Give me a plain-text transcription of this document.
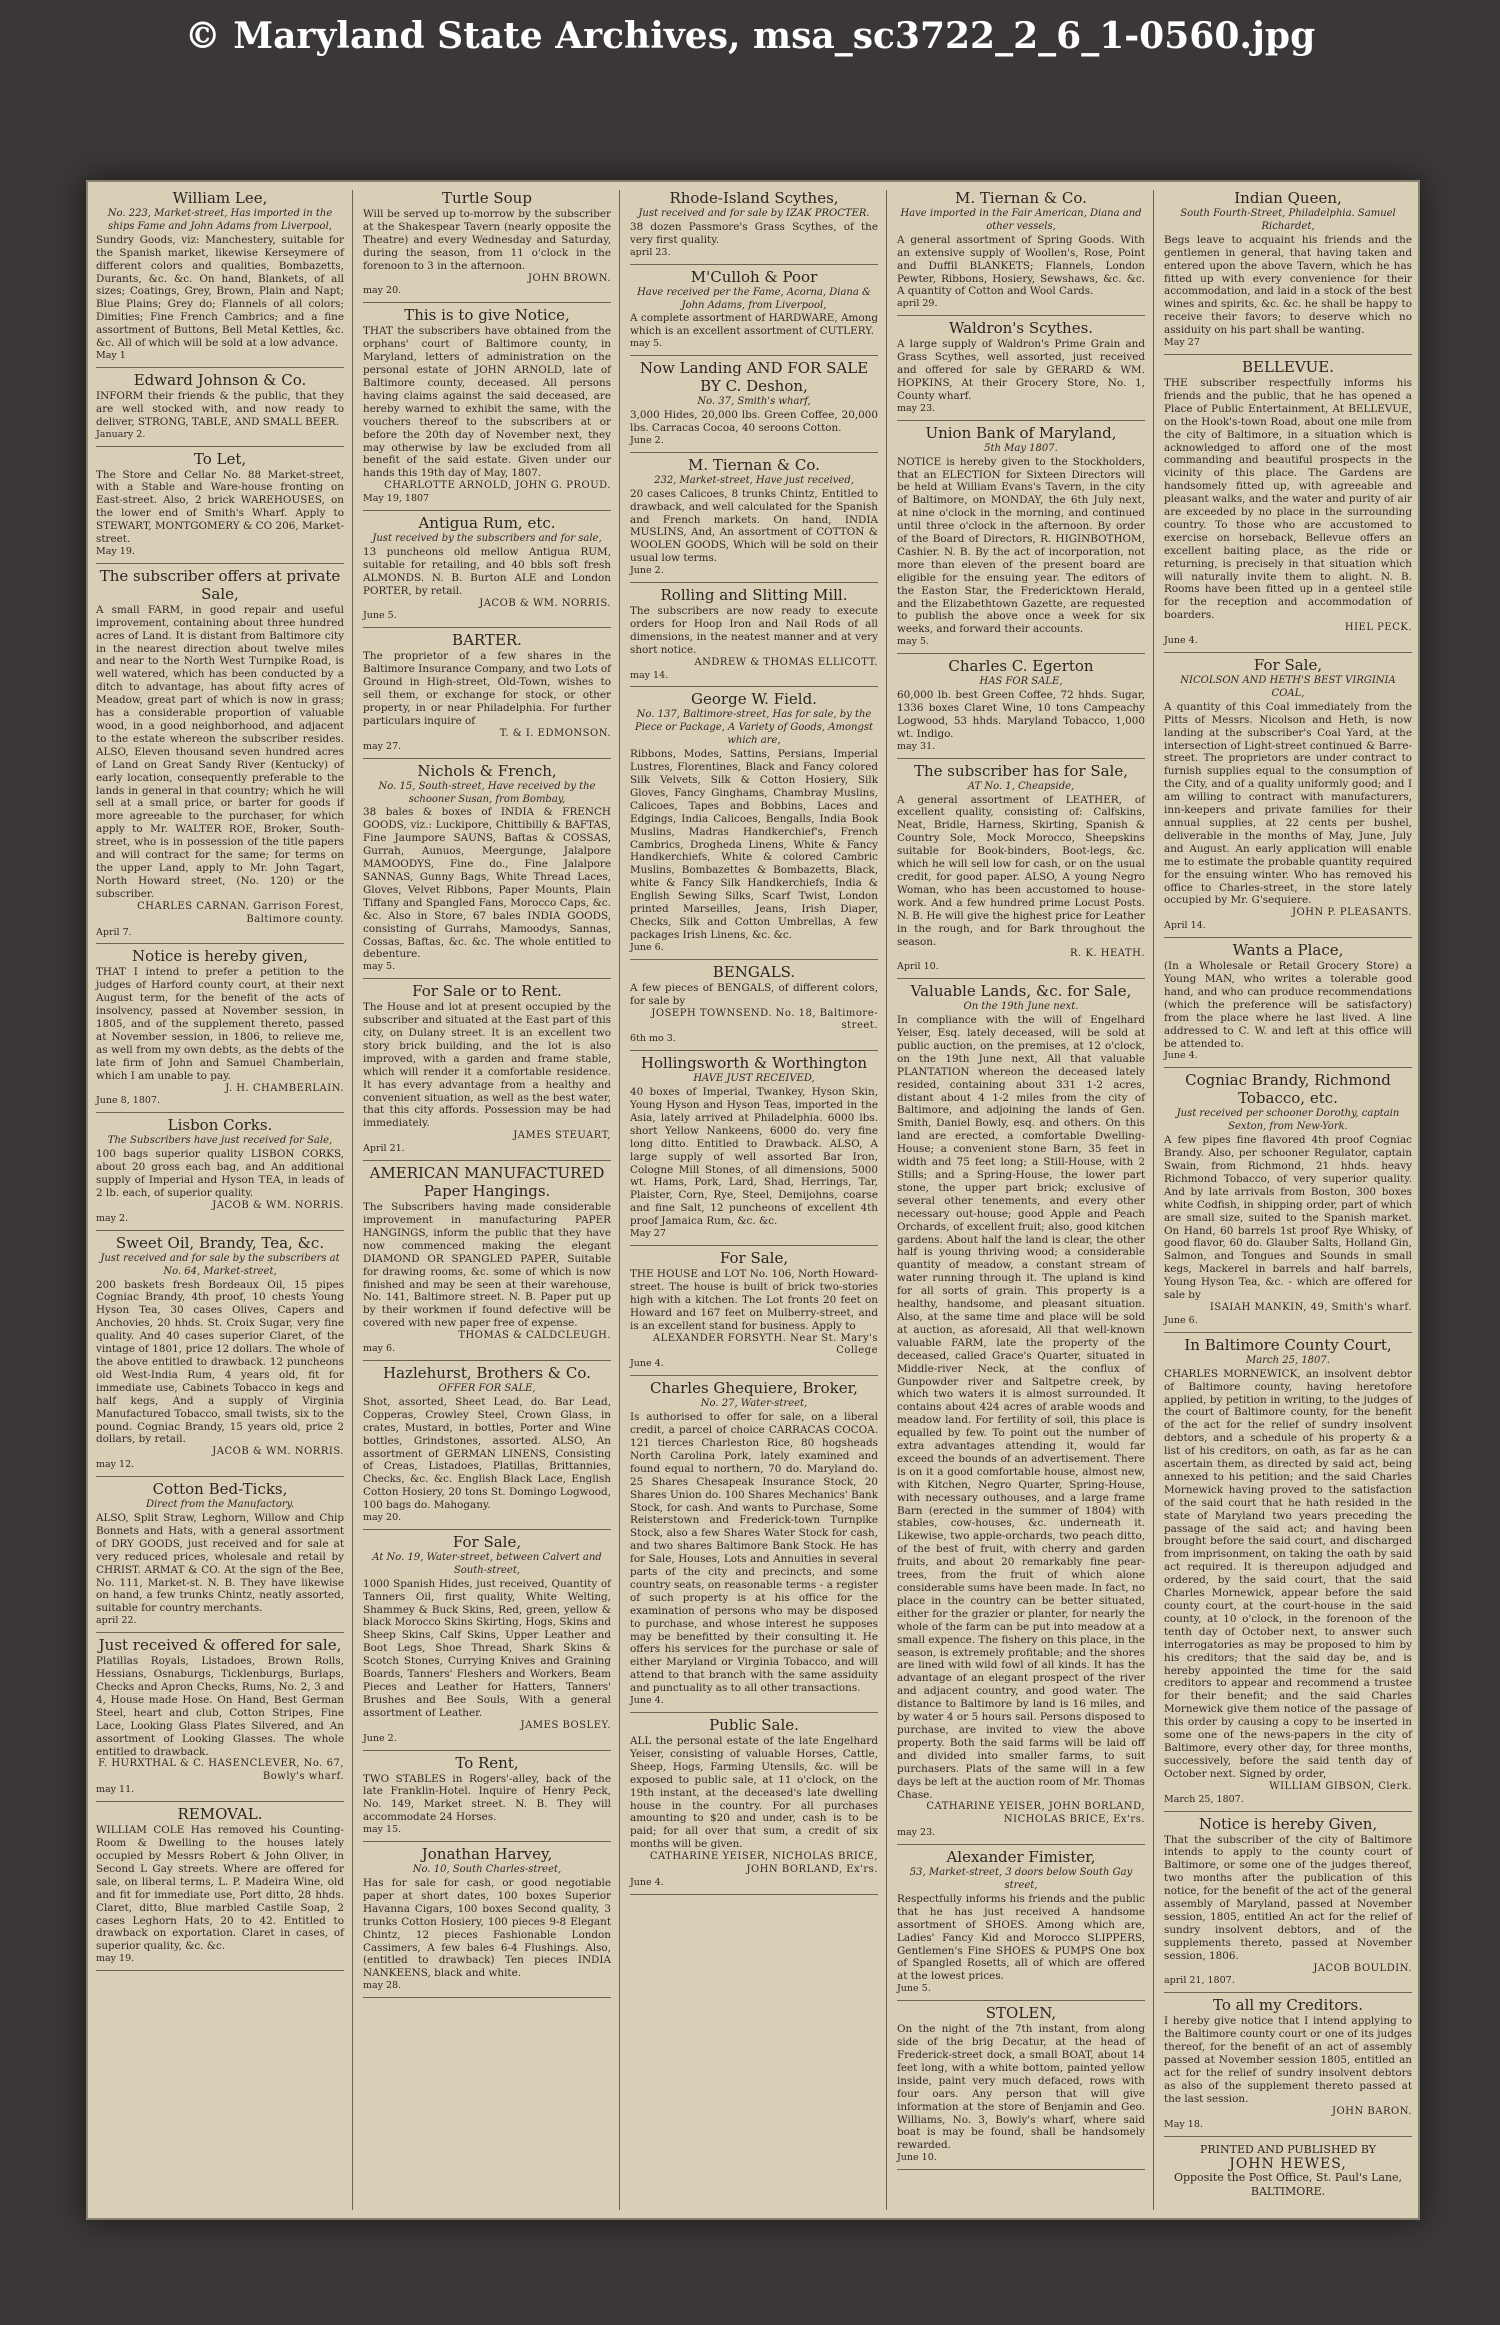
© Maryland State Archives, msa_sc3722_2_6_1-0560.jpg

William Lee,

No. 223, Market-street, Has imported in the ships Fame and John Adams from Liverpool,

Sundry Goods, viz: Manchestery, suitable for the Spanish market, likewise Kerseymere of different colors and qualities, Bombazetts, Durants, &c. &c. On hand, Blankets, of all sizes; Coatings, Grey, Brown, Plain and Napt; Blue Plains; Grey do; Flannels of all colors; Dimities; Fine French Cambrics; and a fine assortment of Buttons, Bell Metal Kettles, &c. &c. All of which will be sold at a low advance.

May 1

Edward Johnson & Co.

INFORM their friends & the public, that they are well stocked with, and now ready to deliver, STRONG, TABLE, AND SMALL BEER.

January 2.

To Let,

The Store and Cellar No. 88 Market-street, with a Stable and Ware-house fronting on East-street. Also, 2 brick WAREHOUSES, on the lower end of Smith's Wharf. Apply to STEWART, MONTGOMERY & CO 206, Market-street.

May 19.

The subscriber offers at private Sale,

A small FARM, in good repair and useful improvement, containing about three hundred acres of Land. It is distant from Baltimore city in the nearest direction about twelve miles and near to the North West Turnpike Road, is well watered, which has been conducted by a ditch to advantage, has about fifty acres of Meadow, great part of which is now in grass; has a considerable proportion of valuable wood, in a good neighborhood, and adjacent to the estate whereon the subscriber resides. ALSO, Eleven thousand seven hundred acres of Land on Great Sandy River (Kentucky) of early location, consequently preferable to the lands in general in that country; which he will sell at a small price, or barter for goods if more agreeable to the purchaser, for which apply to Mr. WALTER ROE, Broker, South-street, who is in possession of the title papers and will contract for the same; for terms on the upper Land, apply to Mr. John Tagart, North Howard street, (No. 120) or the subscriber.

CHARLES CARNAN. Garrison Forest, Baltimore county.

April 7.

Notice is hereby given,

THAT I intend to prefer a petition to the judges of Harford county court, at their next August term, for the benefit of the acts of insolvency, passed at November session, in 1805, and of the supplement thereto, passed at November session, in 1806, to relieve me, as well from my own debts, as the debts of the late firm of John and Samuel Chamberlain, which I am unable to pay.

J. H. CHAMBERLAIN.

June 8, 1807.

Lisbon Corks.

The Subscribers have just received for Sale,

100 bags superior quality LISBON CORKS, about 20 gross each bag, and An additional supply of Imperial and Hyson TEA, in leads of 2 lb. each, of superior quality.

JACOB & WM. NORRIS.

may 2.

Sweet Oil, Brandy, Tea, &c.

Just received and for sale by the subscribers at No. 64, Market-street,

200 baskets fresh Bordeaux Oil, 15 pipes Cogniac Brandy, 4th proof, 10 chests Young Hyson Tea, 30 cases Olives, Capers and Anchovies, 20 hhds. St. Croix Sugar, very fine quality. And 40 cases superior Claret, of the vintage of 1801, price 12 dollars. The whole of the above entitled to drawback. 12 puncheons old West-India Rum, 4 years old, fit for immediate use, Cabinets Tobacco in kegs and half kegs, And a supply of Virginia Manufactured Tobacco, small twists, six to the pound. Cogniac Brandy, 15 years old, price 2 dollars, by retail.

JACOB & WM. NORRIS.

may 12.

Cotton Bed-Ticks,

Direct from the Manufactory.

ALSO, Split Straw, Leghorn, Willow and Chip Bonnets and Hats, with a general assortment of DRY GOODS, just received and for sale at very reduced prices, wholesale and retail by CHRIST. ARMAT & CO. At the sign of the Bee, No. 111, Market-st. N. B. They have likewise on hand, a few trunks Chintz, neatly assorted, suitable for country merchants.

april 22.

Just received & offered for sale,

Platillas Royals, Listadoes, Brown Rolls, Hessians, Osnaburgs, Ticklenburgs, Burlaps, Checks and Apron Checks, Rums, No. 2, 3 and 4, House made Hose. On Hand, Best German Steel, heart and club, Cotton Stripes, Fine Lace, Looking Glass Plates Silvered, and An assortment of Looking Glasses. The whole entitled to drawback.

F. HURXTHAL & C. HASENCLEVER, No. 67, Bowly's wharf.

may 11.

REMOVAL.

WILLIAM COLE Has removed his Counting-Room & Dwelling to the houses lately occupied by Messrs Robert & John Oliver, in Second L Gay streets. Where are offered for sale, on liberal terms, L. P. Madeira Wine, old and fit for immediate use, Port ditto, 28 hhds. Claret, ditto, Blue marbled Castile Soap, 2 cases Leghorn Hats, 20 to 42. Entitled to drawback on exportation. Claret in cases, of superior quality, &c. &c.

may 19.

Turtle Soup

Will be served up to-morrow by the subscriber at the Shakespear Tavern (nearly opposite the Theatre) and every Wednesday and Saturday, during the season, from 11 o'clock in the forenoon to 3 in the afternoon.

JOHN BROWN.

may 20.

This is to give Notice,

THAT the subscribers have obtained from the orphans' court of Baltimore county, in Maryland, letters of administration on the personal estate of JOHN ARNOLD, late of Baltimore county, deceased. All persons having claims against the said deceased, are hereby warned to exhibit the same, with the vouchers thereof to the subscribers at or before the 20th day of November next, they may otherwise by law be excluded from all benefit of the said estate. Given under our hands this 19th day of May, 1807.

CHARLOTTE ARNOLD, JOHN G. PROUD.

May 19, 1807

Antigua Rum, etc.

Just received by the subscribers and for sale,

13 puncheons old mellow Antigua RUM, suitable for retailing, and 40 bbls soft fresh ALMONDS. N. B. Burton ALE and London PORTER, by retail.

JACOB & WM. NORRIS.

June 5.

BARTER.

The proprietor of a few shares in the Baltimore Insurance Company, and two Lots of Ground in High-street, Old-Town, wishes to sell them, or exchange for stock, or other property, in or near Philadelphia. For further particulars inquire of

T. & I. EDMONSON.

may 27.

Nichols & French,

No. 15, South-street, Have received by the schooner Susan, from Bombay,

38 bales & boxes of INDIA & FRENCH GOODS, viz.: Luckipore, Chittibilly & BAFTAS, Fine Jaumpore SAUNS, Baftas & COSSAS, Gurrah, Aunuos, Meergunge, Jalalpore MAMOODYS, Fine do., Fine Jalalpore SANNAS, Gunny Bags, White Thread Laces, Gloves, Velvet Ribbons, Paper Mounts, Plain Tiffany and Spangled Fans, Morocco Caps, &c. &c. Also in Store, 67 bales INDIA GOODS, consisting of Gurrahs, Mamoodys, Sannas, Cossas, Baftas, &c. &c. The whole entitled to debenture.

may 5.

For Sale or to Rent.

The House and lot at present occupied by the subscriber and situated at the East part of this city, on Dulany street. It is an excellent two story brick building, and the lot is also improved, with a garden and frame stable, which will render it a comfortable residence. It has every advantage from a healthy and convenient situation, as well as the best water, that this city affords. Possession may be had immediately.

JAMES STEUART,

April 21.

AMERICAN MANUFACTURED Paper Hangings.

The Subscribers having made considerable improvement in manufacturing PAPER HANGINGS, inform the public that they have now commenced making the elegant DIAMOND OR SPANGLED PAPER, Suitable for drawing rooms, &c. some of which is now finished and may be seen at their warehouse, No. 141, Baltimore street. N. B. Paper put up by their workmen if found defective will be covered with new paper free of expense.

THOMAS & CALDCLEUGH.

may 6.

Hazlehurst, Brothers & Co.

OFFER FOR SALE,

Shot, assorted, Sheet Lead, do. Bar Lead, Copperas, Crowley Steel, Crown Glass, in crates, Mustard, in bottles, Porter and Wine bottles, Grindstones, assorted. ALSO, An assortment of GERMAN LINENS, Consisting of Creas, Listadoes, Platillas, Brittannies, Checks, &c. &c. English Black Lace, English Cotton Hosiery, 20 tons St. Domingo Logwood, 100 bags do. Mahogany.

may 20.

For Sale,

At No. 19, Water-street, between Calvert and South-street,

1000 Spanish Hides, just received, Quantity of Tanners Oil, first quality, White Welting, Shammey & Buck Skins, Red, green, yellow & black Morocco Skins Skirting, Hogs, Skins and Sheep Skins, Calf Skins, Upper Leather and Boot Legs, Shoe Thread, Shark Skins & Scotch Stones, Currying Knives and Graining Boards, Tanners' Fleshers and Workers, Beam Pieces and Leather for Hatters, Tanners' Brushes and Bee Souls, With a general assortment of Leather.

JAMES BOSLEY.

June 2.

To Rent,

TWO STABLES in Rogers'-alley, back of the late Franklin-Hotel. Inquire of Henry Peck, No. 149, Market street. N. B. They will accommodate 24 Horses.

may 15.

Jonathan Harvey,

No. 10, South Charles-street,

Has for sale for cash, or good negotiable paper at short dates, 100 boxes Superior Havanna Cigars, 100 boxes Second quality, 3 trunks Cotton Hosiery, 100 pieces 9-8 Elegant Chintz, 12 pieces Fashionable London Cassimers, A few bales 6-4 Flushings. Also, (entitled to drawback) Ten pieces INDIA NANKEENS, black and white.

may 28.

Rhode-Island Scythes,

Just received and for sale by IZAK PROCTER.

38 dozen Passmore's Grass Scythes, of the very first quality.

april 23.

M'Culloh & Poor

Have received per the Fame, Acorna, Diana & John Adams, from Liverpool,

A complete assortment of HARDWARE, Among which is an excellent assortment of CUTLERY.

may 5.

Now Landing AND FOR SALE BY C. Deshon,

No. 37, Smith's wharf,

3,000 Hides, 20,000 lbs. Green Coffee, 20,000 lbs. Carracas Cocoa, 40 seroons Cotton.

June 2.

M. Tiernan & Co.

232, Market-street, Have just received,

20 cases Calicoes, 8 trunks Chintz, Entitled to drawback, and well calculated for the Spanish and French markets. On hand, INDIA MUSLINS, And, An assortment of COTTON & WOOLEN GOODS, Which will be sold on their usual low terms.

June 2.

Rolling and Slitting Mill.

The subscribers are now ready to execute orders for Hoop Iron and Nail Rods of all dimensions, in the neatest manner and at very short notice.

ANDREW & THOMAS ELLICOTT.

may 14.

George W. Field.

No. 137, Baltimore-street, Has for sale, by the Piece or Package, A Variety of Goods, Amongst which are,

Ribbons, Modes, Sattins, Persians, Imperial Lustres, Florentines, Black and Fancy colored Silk Velvets, Silk & Cotton Hosiery, Silk Gloves, Fancy Ginghams, Chambray Muslins, Calicoes, Tapes and Bobbins, Laces and Edgings, India Calicoes, Bengalls, India Book Muslins, Madras Handkerchief's, French Cambrics, Drogheda Linens, White & Fancy Handkerchiefs, White & colored Cambric Muslins, Bombazettes & Bombazetts, Black, white & Fancy Silk Handkerchiefs, India & English Sewing Silks, Scarf Twist, London printed Marseilles, Jeans, Irish Diaper, Checks, Silk and Cotton Umbrellas, A few packages Irish Linens, &c. &c.

June 6.

BENGALS.

A few pieces of BENGALS, of different colors, for sale by

JOSEPH TOWNSEND. No. 18, Baltimore-street.

6th mo 3.

Hollingsworth & Worthington

HAVE JUST RECEIVED,

40 boxes of Imperial, Twankey, Hyson Skin, Young Hyson and Hyson Teas, imported in the Asia, lately arrived at Philadelphia. 6000 lbs. short Yellow Nankeens, 6000 do. very fine long ditto. Entitled to Drawback. ALSO, A large supply of well assorted Bar Iron, Cologne Mill Stones, of all dimensions, 5000 wt. Hams, Pork, Lard, Shad, Herrings, Tar, Plaister, Corn, Rye, Steel, Demijohns, coarse and fine Salt, 12 puncheons of excellent 4th proof Jamaica Rum, &c. &c.

May 27

For Sale,

THE HOUSE and LOT No. 106, North Howard-street. The house is built of brick two-stories high with a kitchen. The Lot fronts 20 feet on Howard and 167 feet on Mulberry-street, and is an excellent stand for business. Apply to

ALEXANDER FORSYTH. Near St. Mary's College

June 4.

Charles Ghequiere, Broker,

No. 27, Water-street,

Is authorised to offer for sale, on a liberal credit, a parcel of choice CARRACAS COCOA. 121 tierces Charleston Rice, 80 hogsheads North Carolina Pork, lately examined and found equal to northern, 70 do. Maryland do. 25 Shares Chesapeak Insurance Stock, 20 Shares Union do. 100 Shares Mechanics' Bank Stock, for cash. And wants to Purchase, Some Reisterstown and Frederick-town Turnpike Stock, also a few Shares Water Stock for cash, and two shares Baltimore Bank Stock. He has for Sale, Houses, Lots and Annuities in several parts of the city and precincts, and some country seats, on reasonable terms - a register of such property is at his office for the examination of persons who may be disposed to purchase, and whose interest he supposes may be benefitted by their consulting it. He offers his services for the purchase or sale of either Maryland or Virginia Tobacco, and will attend to that branch with the same assiduity and punctuality as to all other transactions.

June 4.

Public Sale.

ALL the personal estate of the late Engelhard Yeiser, consisting of valuable Horses, Cattle, Sheep, Hogs, Farming Utensils, &c. will be exposed to public sale, at 11 o'clock, on the 19th instant, at the deceased's late dwelling house in the country. For all purchases amounting to $20 and under, cash is to be paid; for all over that sum, a credit of six months will be given.

CATHARINE YEISER, NICHOLAS BRICE, JOHN BORLAND, Ex'rs.

June 4.

M. Tiernan & Co.

Have imported in the Fair American, Diana and other vessels,

A general assortment of Spring Goods. With an extensive supply of Woollen's, Rose, Point and Duffil BLANKETS; Flannels, London Pewter, Ribbons, Hosiery, Sewshaws, &c. &c. A quantity of Cotton and Wool Cards.

april 29.

Waldron's Scythes.

A large supply of Waldron's Prime Grain and Grass Scythes, well assorted, just received and offered for sale by GERARD & WM. HOPKINS, At their Grocery Store, No. 1, County wharf.

may 23.

Union Bank of Maryland,

5th May 1807.

NOTICE is hereby given to the Stockholders, that an ELECTION for Sixteen Directors will be held at William Evans's Tavern, in the city of Baltimore, on MONDAY, the 6th July next, at nine o'clock in the morning, and continued until three o'clock in the afternoon. By order of the Board of Directors, R. HIGINBOTHOM, Cashier. N. B. By the act of incorporation, not more than eleven of the present board are eligible for the ensuing year. The editors of the Easton Star, the Fredericktown Herald, and the Elizabethtown Gazette, are requested to publish the above once a week for six weeks, and forward their accounts.

may 5.

Charles C. Egerton

HAS FOR SALE,

60,000 lb. best Green Coffee, 72 hhds. Sugar, 1336 boxes Claret Wine, 10 tons Campeachy Logwood, 53 hhds. Maryland Tobacco, 1,000 wt. Indigo.

may 31.

The subscriber has for Sale,

AT No. 1, Cheapside,

A general assortment of LEATHER, of excellent quality, consisting of: Calfskins, Neat, Bridle, Harness, Skirting, Spanish & Country Sole, Mock Morocco, Sheepskins suitable for Book-binders, Boot-legs, &c. which he will sell low for cash, or on the usual credit, for good paper. ALSO, A young Negro Woman, who has been accustomed to house-work. And a few hundred prime Locust Posts. N. B. He will give the highest price for Leather in the rough, and for Bark throughout the season.

R. K. HEATH.

April 10.

Valuable Lands, &c. for Sale,

On the 19th June next.

In compliance with the will of Engelhard Yeiser, Esq. lately deceased, will be sold at public auction, on the premises, at 12 o'clock, on the 19th June next, All that valuable PLANTATION whereon the deceased lately resided, containing about 331 1-2 acres, distant about 4 1-2 miles from the city of Baltimore, and adjoining the lands of Gen. Smith, Daniel Bowly, esq. and others. On this land are erected, a comfortable Dwelling-House; a convenient stone Barn, 35 feet in width and 75 feet long; a Still-House, with 2 Stills; and a Spring-House, the lower part stone, the upper part brick; exclusive of several other tenements, and every other necessary out-house; good Apple and Peach Orchards, of excellent fruit; also, good kitchen gardens. About half the land is clear, the other half is young thriving wood; a considerable quantity of meadow, a constant stream of water running through it. The upland is kind for all sorts of grain. This property is a healthy, handsome, and pleasant situation. Also, at the same time and place will be sold at auction, as aforesaid, All that well-known valuable FARM, late the property of the deceased, called Grace's Quarter, situated in Middle-river Neck, at the conflux of Gunpowder river and Saltpetre creek, by which two waters it is almost surrounded. It contains about 424 acres of arable woods and meadow land. For fertility of soil, this place is equalled by few. To point out the number of extra advantages attending it, would far exceed the bounds of an advertisement. There is on it a good comfortable house, almost new, with Kitchen, Negro Quarter, Spring-House, with necessary outhouses, and a large frame Barn (erected in the summer of 1804) with stables, cow-houses, &c. underneath it. Likewise, two apple-orchards, two peach ditto, of the best of fruit, with cherry and garden fruits, and about 20 remarkably fine pear-trees, from the fruit of which alone considerable sums have been made. In fact, no place in the country can be better situated, either for the grazier or planter, for nearly the whole of the farm can be put into meadow at a small expence. The fishery on this place, in the season, is extremely profitable; and the shores are lined with wild fowl of all kinds. It has the advantage of an elegant prospect of the river and adjacent country, and good water. The distance to Baltimore by land is 16 miles, and by water 4 or 5 hours sail. Persons disposed to purchase, are invited to view the above property. Both the said farms will be laid off and divided into smaller farms, to suit purchasers. Plats of the same will in a few days be left at the auction room of Mr. Thomas Chase.

CATHARINE YEISER, JOHN BORLAND, NICHOLAS BRICE, Ex'rs.

may 23.

Alexander Fimister,

53, Market-street, 3 doors below South Gay street,

Respectfully informs his friends and the public that he has just received A handsome assortment of SHOES. Among which are, Ladies' Fancy Kid and Morocco SLIPPERS, Gentlemen's Fine SHOES & PUMPS One box of Spangled Rosetts, all of which are offered at the lowest prices.

June 5.

STOLEN,

On the night of the 7th instant, from along side of the brig Decatur, at the head of Frederick-street dock, a small BOAT, about 14 feet long, with a white bottom, painted yellow inside, paint very much defaced, rows with four oars. Any person that will give information at the store of Benjamin and Geo. Williams, No. 3, Bowly's wharf, where said boat is may be found, shall be handsomely rewarded.

June 10.

Indian Queen,

South Fourth-Street, Philadelphia. Samuel Richardet,

Begs leave to acquaint his friends and the gentlemen in general, that having taken and entered upon the above Tavern, which he has fitted up with every convenience for their accommodation, and laid in a stock of the best wines and spirits, &c. &c. he shall be happy to receive their favors; to deserve which no assiduity on his part shall be wanting.

May 27

BELLEVUE.

THE subscriber respectfully informs his friends and the public, that he has opened a Place of Public Entertainment, At BELLEVUE, on the Hook's-town Road, about one mile from the city of Baltimore, in a situation which is acknowledged to afford one of the most commanding and beautiful prospects in the vicinity of this place. The Gardens are handsomely fitted up, with agreeable and pleasant walks, and the water and purity of air are exceeded by no place in the surrounding country. To those who are accustomed to exercise on horseback, Bellevue offers an excellent baiting place, as the ride or returning, is precisely in that situation which will naturally invite them to alight. N. B. Rooms have been fitted up in a genteel stile for the reception and accommodation of boarders.

HIEL PECK.

June 4.

For Sale,

NICOLSON AND HETH'S BEST VIRGINIA COAL,

A quantity of this Coal immediately from the Pitts of Messrs. Nicolson and Heth, is now landing at the subscriber's Coal Yard, at the intersection of Light-street continued & Barre-street. The proprietors are under contract to furnish supplies equal to the consumption of the City, and of a quality uniformly good; and I am willing to contract with manufacturers, inn-keepers and private families for their annual supplies, at 22 cents per bushel, deliverable in the months of May, June, July and August. An early application will enable me to estimate the probable quantity required for the ensuing winter. Who has removed his office to Charles-street, in the store lately occupied by Mr. G'sequiere.

JOHN P. PLEASANTS.

April 14.

Wants a Place,

(In a Wholesale or Retail Grocery Store) a Young MAN, who writes a tolerable good hand, and who can produce recommendations (which the preference will be satisfactory) from the place where he last lived. A line addressed to C. W. and left at this office will be attended to.

June 4.

Cogniac Brandy, Richmond Tobacco, etc.

Just received per schooner Dorothy, captain Sexton, from New-York.

A few pipes fine flavored 4th proof Cogniac Brandy. Also, per schooner Regulator, captain Swain, from Richmond, 21 hhds. heavy Richmond Tobacco, of very superior quality. And by late arrivals from Boston, 300 boxes white Codfish, in shipping order, part of which are small size, suited to the Spanish market. On Hand, 60 barrels 1st proof Rye Whisky, of good flavor, 60 do. Glauber Salts, Holland Gin, Salmon, and Tongues and Sounds in small kegs, Mackerel in barrels and half barrels, Young Hyson Tea, &c. - which are offered for sale by

ISAIAH MANKIN, 49, Smith's wharf.

June 6.

In Baltimore County Court,

March 25, 1807.

CHARLES MORNEWICK, an insolvent debtor of Baltimore county, having heretofore applied, by petition in writing, to the judges of the court of Baltimore county, for the benefit of the act for the relief of sundry insolvent debtors, and a schedule of his property & a list of his creditors, on oath, as far as he can ascertain them, as directed by said act, being annexed to his petition; and the said Charles Mornewick having proved to the satisfaction of the said court that he hath resided in the state of Maryland two years preceding the passage of the said act; and having been brought before the said court, and discharged from imprisonment, on taking the oath by said act required. It is thereupon adjudged and ordered, by the said court, that the said Charles Mornewick, appear before the said county court, at the court-house in the said county, at 10 o'clock, in the forenoon of the tenth day of October next, to answer such interrogatories as may be proposed to him by his creditors; that the said day be, and is hereby appointed the time for the said creditors to appear and recommend a trustee for their benefit; and the said Charles Mornewick give them notice of the passage of this order by causing a copy to be inserted in some one of the news-papers in the city of Baltimore, every other day, for three months, successively, before the said tenth day of October next. Signed by order,

WILLIAM GIBSON, Clerk.

March 25, 1807.

Notice is hereby Given,

That the subscriber of the city of Baltimore intends to apply to the county court of Baltimore, or some one of the judges thereof, two months after the publication of this notice, for the benefit of the act of the general assembly of Maryland, passed at November session, 1805, entitled An act for the relief of sundry insolvent debtors, and of the supplements thereto, passed at November session, 1806.

JACOB BOULDIN.

april 21, 1807.

To all my Creditors.

I hereby give notice that I intend applying to the Baltimore county court or one of its judges thereof, for the benefit of an act of assembly passed at November session 1805, entitled an act for the relief of sundry insolvent debtors as also of the supplement thereto passed at the last session.

JOHN BARON.

May 18.

PRINTED AND PUBLISHED BY
JOHN HEWES,
Opposite the Post Office, St. Paul's Lane, BALTIMORE.
